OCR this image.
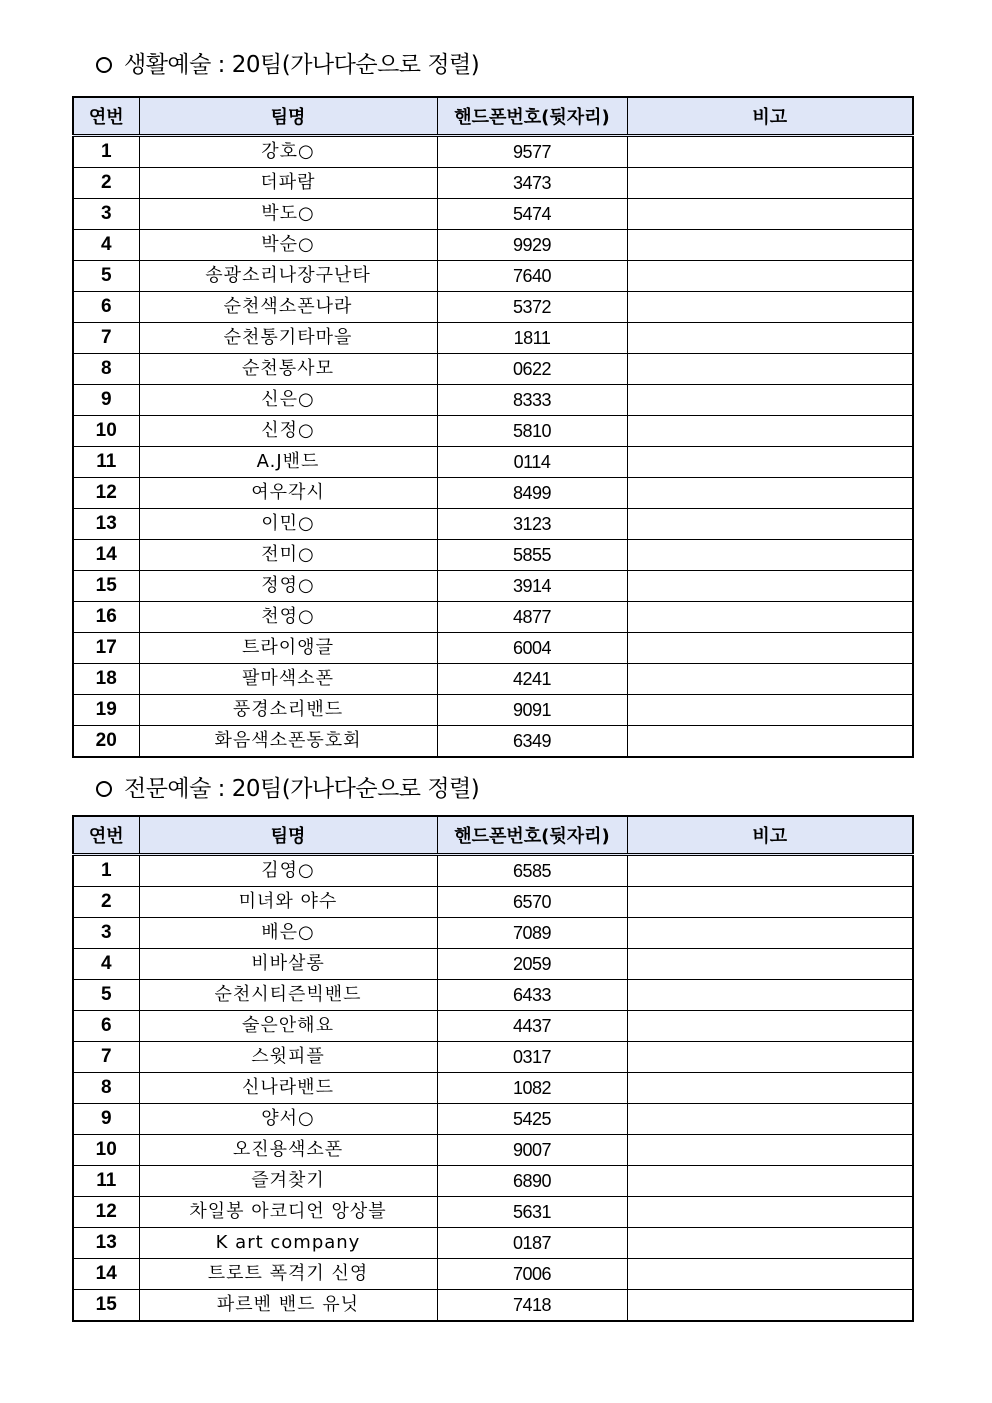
생활예술 : 20팀(가나다순으로 정렬)
연번	팀명	핸드폰번호(뒷자리)	비고
1	강호○	9577	
2	더파람	3473	
3	박도○	5474	
4	박순○	9929	
5	송광소리나장구난타	7640	
6	순천색소폰나라	5372	
7	순천통기타마을	1811	
8	순천통사모	0622	
9	신은○	8333	
10	신정○	5810	
11	A.J밴드	0114	
12	여우각시	8499	
13	이민○	3123	
14	전미○	5855	
15	정영○	3914	
16	천영○	4877	
17	트라이앵글	6004	
18	팔마색소폰	4241	
19	풍경소리밴드	9091	
20	화음색소폰동호회	6349	
전문예술 : 20팀(가나다순으로 정렬)
연번	팀명	핸드폰번호(뒷자리)	비고
1	김영○	6585	
2	미녀와 야수	6570	
3	배은○	7089	
4	비바살롱	2059	
5	순천시티즌빅밴드	6433	
6	술은안해요	4437	
7	스윗피플	0317	
8	신나라밴드	1082	
9	양서○	5425	
10	오진용색소폰	9007	
11	즐겨찾기	6890	
12	차일봉 아코디언 앙상블	5631	
13	K art company	0187	
14	트로트 폭격기 신영	7006	
15	파르벤 밴드 유닛	7418	
